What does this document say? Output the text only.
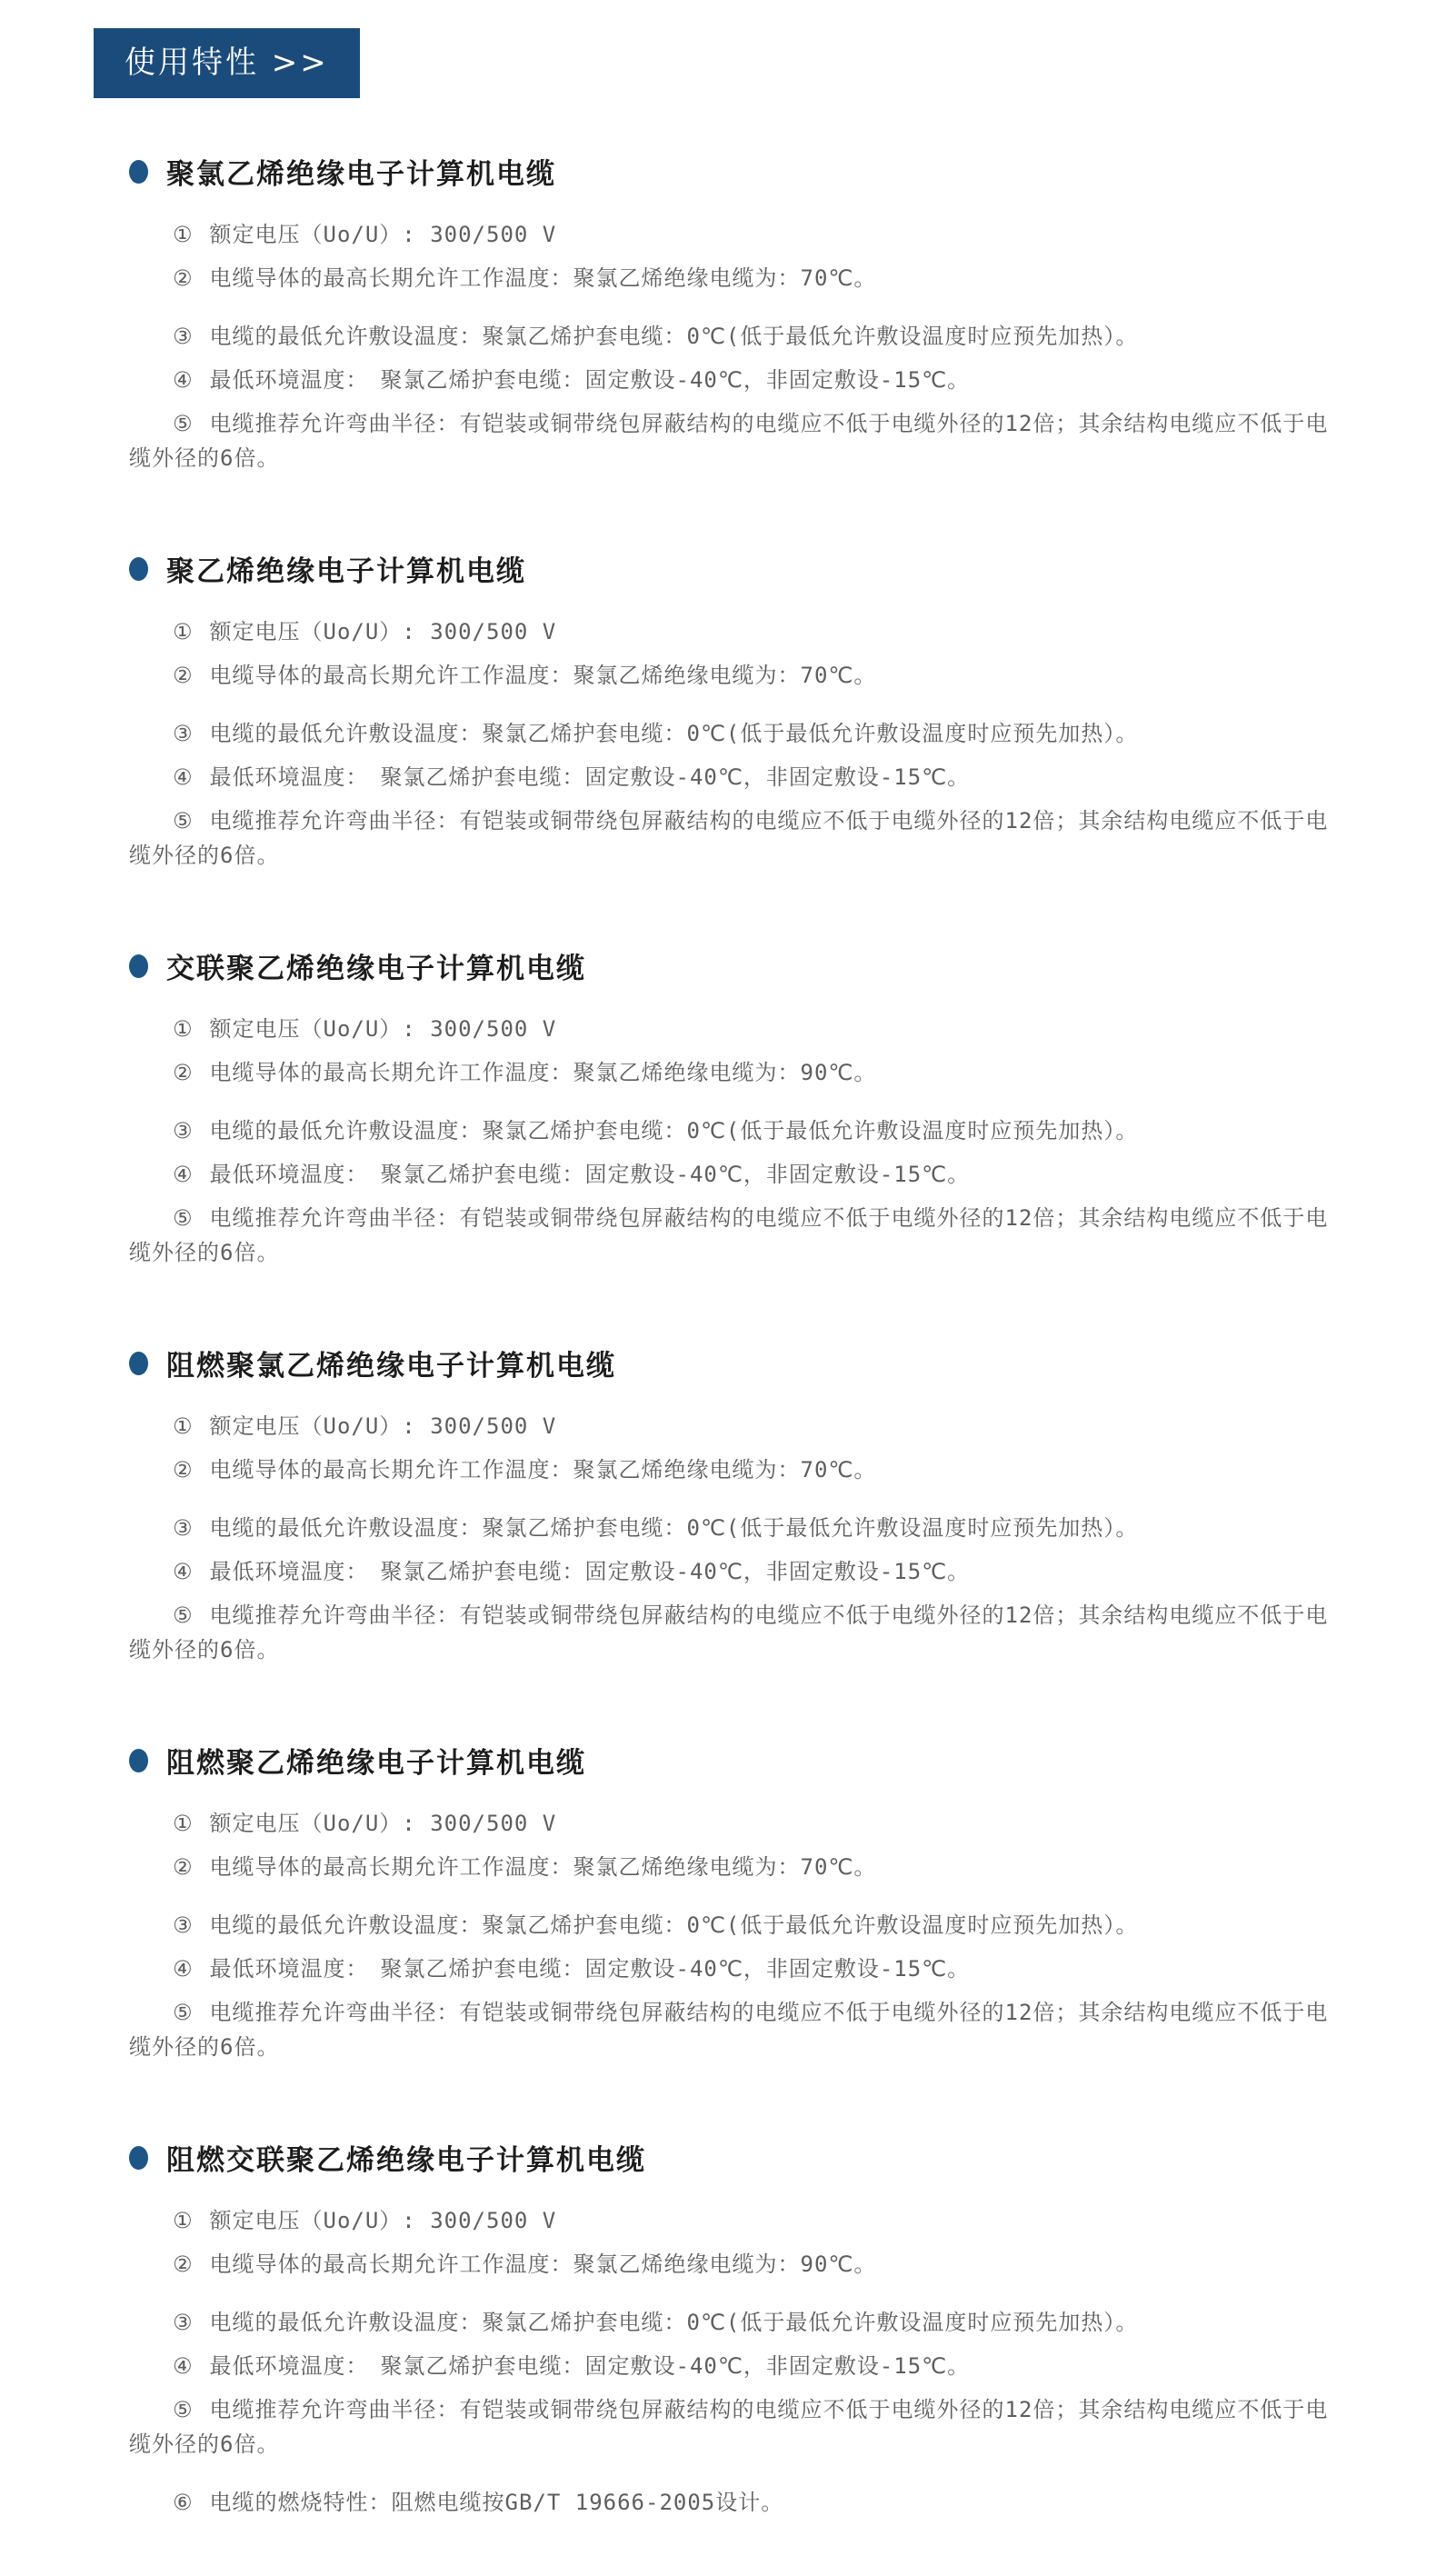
使用特性 >>
聚氯乙烯绝缘电子计算机电缆

① 额定电压（Uo/U）: 300/500 V

② 电缆导体的最高长期允许工作温度：聚氯乙烯绝缘电缆为：70℃。

③ 电缆的最低允许敷设温度：聚氯乙烯护套电缆：0℃(低于最低允许敷设温度时应预先加热）。

④ 最低环境温度：　聚氯乙烯护套电缆：固定敷设-40℃，非固定敷设-15℃。

⑤ 电缆推荐允许弯曲半径：有铠装或铜带绕包屏蔽结构的电缆应不低于电缆外径的12倍；其余结构电缆应不低于电缆外径的6倍。

聚乙烯绝缘电子计算机电缆

① 额定电压（Uo/U）: 300/500 V

② 电缆导体的最高长期允许工作温度：聚氯乙烯绝缘电缆为：70℃。

③ 电缆的最低允许敷设温度：聚氯乙烯护套电缆：0℃(低于最低允许敷设温度时应预先加热）。

④ 最低环境温度：　聚氯乙烯护套电缆：固定敷设-40℃，非固定敷设-15℃。

⑤ 电缆推荐允许弯曲半径：有铠装或铜带绕包屏蔽结构的电缆应不低于电缆外径的12倍；其余结构电缆应不低于电缆外径的6倍。

交联聚乙烯绝缘电子计算机电缆

① 额定电压（Uo/U）: 300/500 V

② 电缆导体的最高长期允许工作温度：聚氯乙烯绝缘电缆为：90℃。

③ 电缆的最低允许敷设温度：聚氯乙烯护套电缆：0℃(低于最低允许敷设温度时应预先加热）。

④ 最低环境温度：　聚氯乙烯护套电缆：固定敷设-40℃，非固定敷设-15℃。

⑤ 电缆推荐允许弯曲半径：有铠装或铜带绕包屏蔽结构的电缆应不低于电缆外径的12倍；其余结构电缆应不低于电缆外径的6倍。

阻燃聚氯乙烯绝缘电子计算机电缆

① 额定电压（Uo/U）: 300/500 V

② 电缆导体的最高长期允许工作温度：聚氯乙烯绝缘电缆为：70℃。

③ 电缆的最低允许敷设温度：聚氯乙烯护套电缆：0℃(低于最低允许敷设温度时应预先加热）。

④ 最低环境温度：　聚氯乙烯护套电缆：固定敷设-40℃，非固定敷设-15℃。

⑤ 电缆推荐允许弯曲半径：有铠装或铜带绕包屏蔽结构的电缆应不低于电缆外径的12倍；其余结构电缆应不低于电缆外径的6倍。

阻燃聚乙烯绝缘电子计算机电缆

① 额定电压（Uo/U）: 300/500 V

② 电缆导体的最高长期允许工作温度：聚氯乙烯绝缘电缆为：70℃。

③ 电缆的最低允许敷设温度：聚氯乙烯护套电缆：0℃(低于最低允许敷设温度时应预先加热）。

④ 最低环境温度：　聚氯乙烯护套电缆：固定敷设-40℃，非固定敷设-15℃。

⑤ 电缆推荐允许弯曲半径：有铠装或铜带绕包屏蔽结构的电缆应不低于电缆外径的12倍；其余结构电缆应不低于电缆外径的6倍。

阻燃交联聚乙烯绝缘电子计算机电缆

① 额定电压（Uo/U）: 300/500 V

② 电缆导体的最高长期允许工作温度：聚氯乙烯绝缘电缆为：90℃。

③ 电缆的最低允许敷设温度：聚氯乙烯护套电缆：0℃(低于最低允许敷设温度时应预先加热）。

④ 最低环境温度：　聚氯乙烯护套电缆：固定敷设-40℃，非固定敷设-15℃。

⑤ 电缆推荐允许弯曲半径：有铠装或铜带绕包屏蔽结构的电缆应不低于电缆外径的12倍；其余结构电缆应不低于电缆外径的6倍。

⑥ 电缆的燃烧特性：阻燃电缆按GB/T 19666-2005设计。
